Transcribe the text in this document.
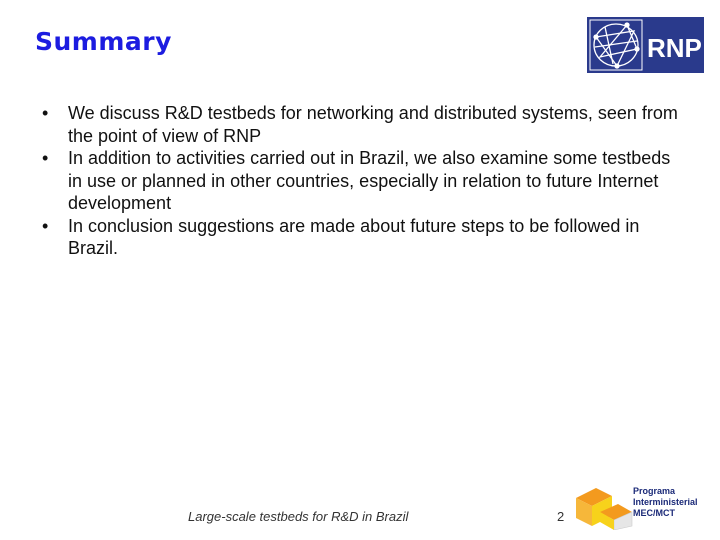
Summary	RNP
• We discuss R&D testbeds for networking and distributed systems, seen from the point of view of RNP
• In addition to activities carried out in Brazil, we also examine some testbeds in use or planned in other countries, especially in relation to future Internet development
• In conclusion suggestions are made about future steps to be followed in Brazil.
Large-scale testbeds for R&D in Brazil	2
Programa
Interministerial
MEC/MCT
